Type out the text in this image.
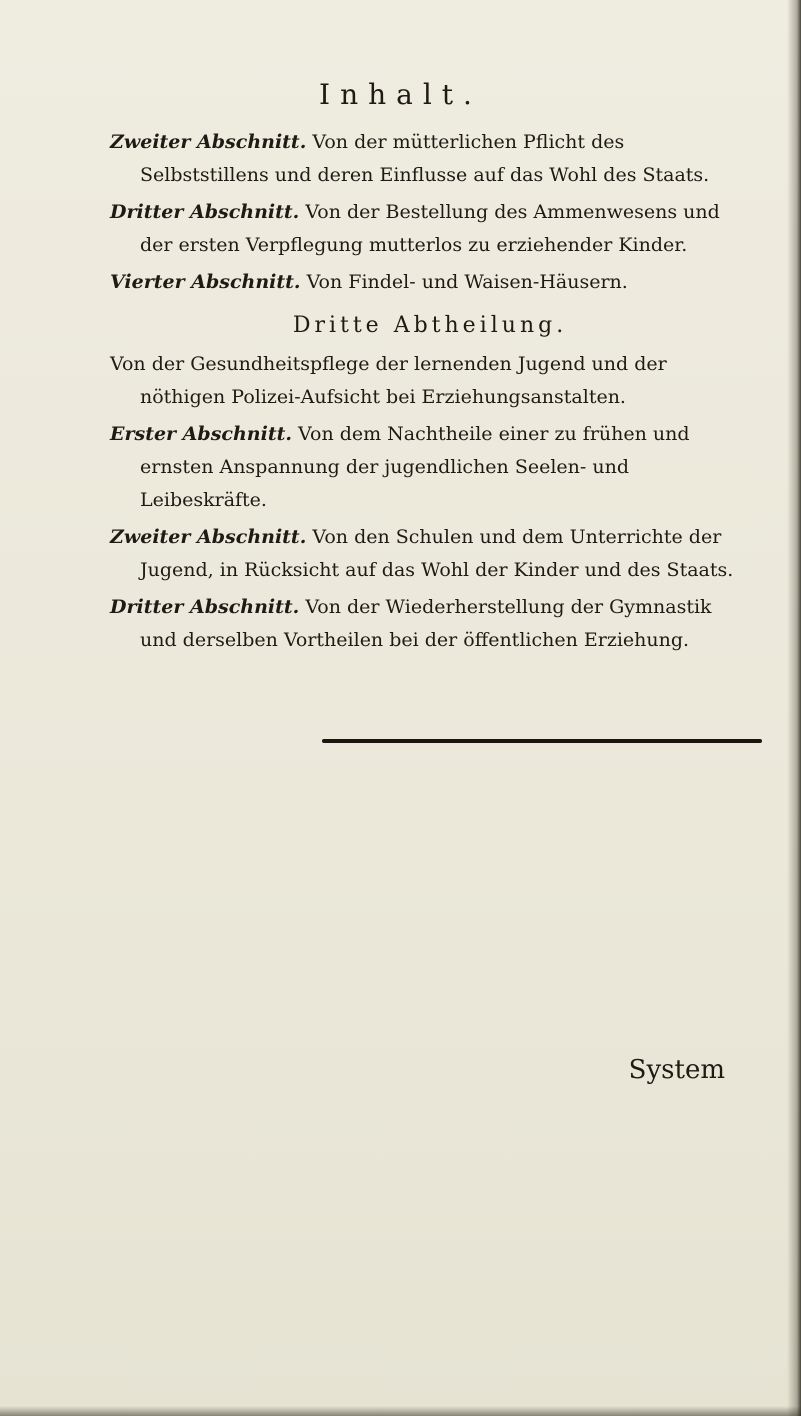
Inhalt.

Zweiter Abschnitt. Von der mütterlichen Pflicht des Selbststillens und deren Einflusse auf das Wohl des Staats.

Dritter Abschnitt. Von der Bestellung des Ammenwesens und der ersten Verpflegung mutterlos zu erziehender Kinder.

Vierter Abschnitt. Von Findel- und Waisen-Häusern.

Dritte Abtheilung.

Von der Gesundheitspflege der lernenden Jugend und der nöthigen Polizei-Aufsicht bei Erziehungsanstalten.

Erster Abschnitt. Von dem Nachtheile einer zu frühen und ernsten Anspannung der jugendlichen Seelen- und Leibeskräfte.

Zweiter Abschnitt. Von den Schulen und dem Unterrichte der Jugend, in Rücksicht auf das Wohl der Kinder und des Staats.

Dritter Abschnitt. Von der Wiederherstellung der Gymnastik und derselben Vortheilen bei der öffentlichen Erziehung.

System
